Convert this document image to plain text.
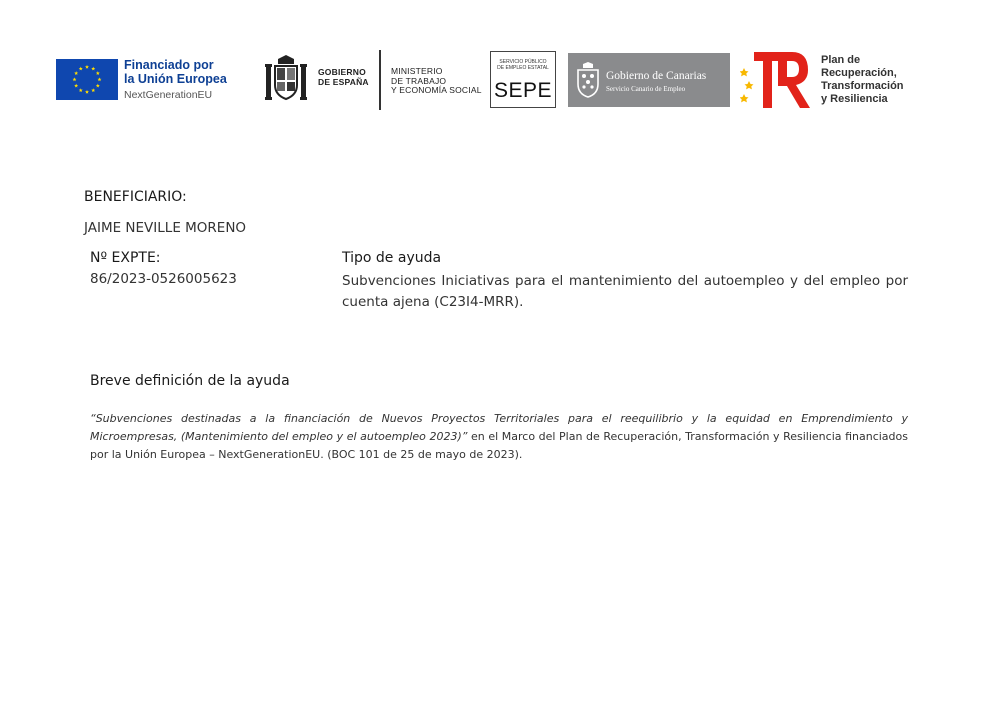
Financiado por
la Unión Europea
NextGenerationEU
GOBIERNO
DE ESPAÑA
MINISTERIO
DE TRABAJO
Y ECONOMÍA SOCIAL
SERVICIO PÚBLICO
DE EMPLEO ESTATAL
SEPE
Gobierno de Canarias
Servicio Canario de Empleo
Plan de
Recuperación,
Transformación
y Resiliencia
BENEFICIARIO:
JAIME NEVILLE MORENO
Nº EXPTE:
86/2023-0526005623
Tipo de ayuda
Subvenciones Iniciativas para el mantenimiento del autoempleo y del empleo por cuenta ajena (C23I4-MRR).
Breve definición de la ayuda
“Subvenciones destinadas a la financiación de Nuevos Proyectos Territoriales para el reequilibrio y la equidad en Emprendimiento y Microempresas, (Mantenimiento del empleo y el autoempleo 2023)” en el Marco del Plan de Recuperación, Transformación y Resiliencia financiados por la Unión Europea – NextGenerationEU. (BOC 101 de 25 de mayo de 2023).
